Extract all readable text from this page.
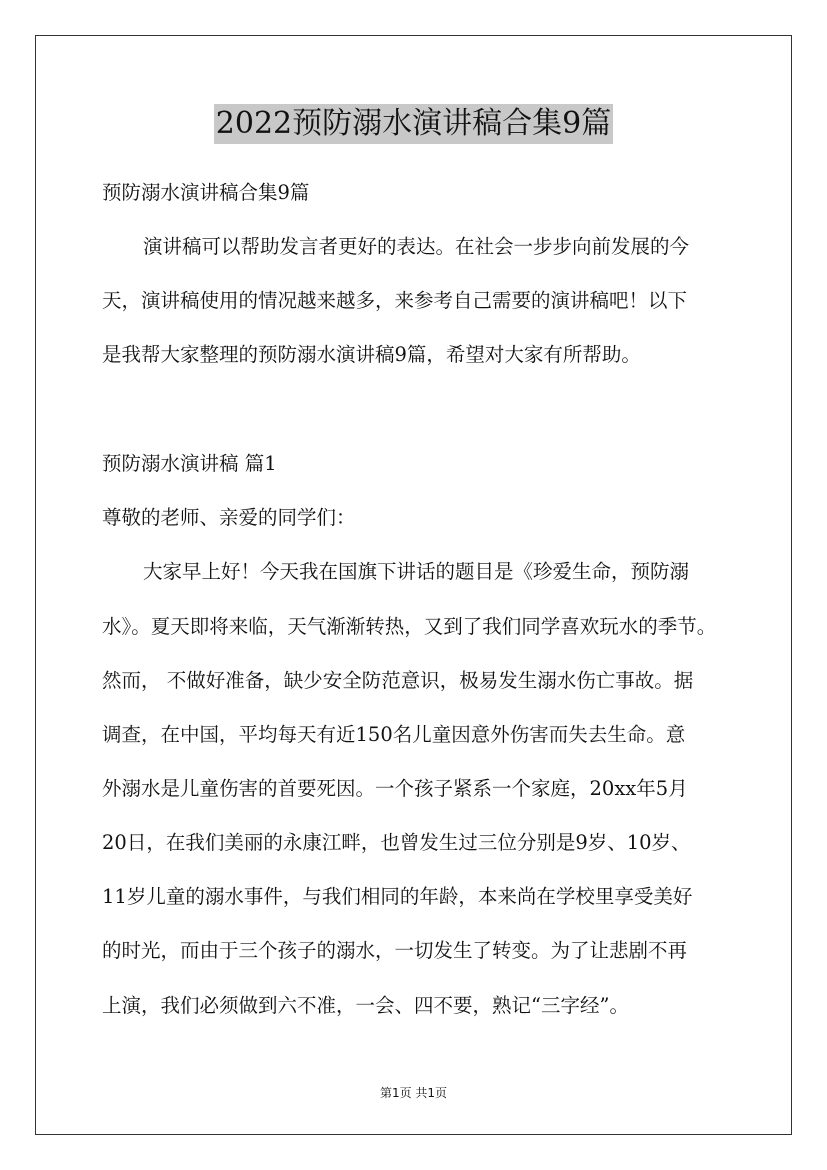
2022预防溺水演讲稿合集9篇
预防溺水演讲稿合集9篇
演讲稿可以帮助发言者更好的表达。在社会一步步向前发展的今
天，演讲稿使用的情况越来越多，来参考自己需要的演讲稿吧！以下
是我帮大家整理的预防溺水演讲稿9篇，希望对大家有所帮助。
预防溺水演讲稿 篇1
尊敬的老师、亲爱的同学们：
大家早上好！今天我在国旗下讲话的题目是《珍爱生命，预防溺
水》。夏天即将来临，天气渐渐转热，又到了我们同学喜欢玩水的季节。
然而， 不做好准备，缺少安全防范意识，极易发生溺水伤亡事故。据
调查，在中国，平均每天有近150名儿童因意外伤害而失去生命。意
外溺水是儿童伤害的首要死因。一个孩子紧系一个家庭，20xx年5月
20日，在我们美丽的永康江畔，也曾发生过三位分别是9岁、10岁、
11岁儿童的溺水事件，与我们相同的年龄，本来尚在学校里享受美好
的时光，而由于三个孩子的溺水，一切发生了转变。为了让悲剧不再
上演，我们必须做到六不准，一会、四不要，熟记“三字经”。
第1页 共1页
